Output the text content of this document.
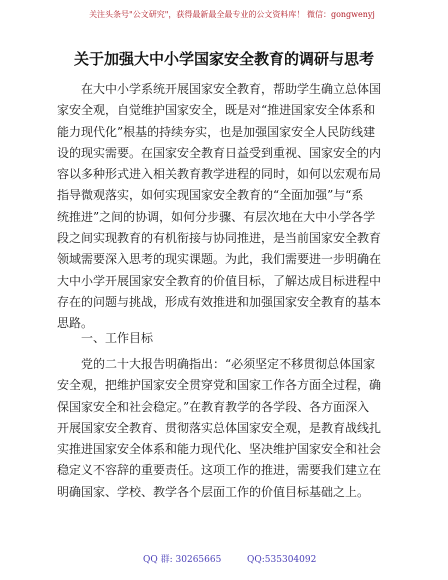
关注头条号"公文研究"，获得最新最全最专业的公文资料库！ 微信：gongwenyj
关于加强大中小学国家安全教育的调研与思考
　　在大中小学系统开展国家安全教育，帮助学生确立总体国
家安全观，自觉维护国家安全，既是对“推进国家安全体系和
能力现代化”根基的持续夯实，也是加强国家安全人民防线建
设的现实需要。在国家安全教育日益受到重视、国家安全的内
容以多种形式进入相关教育教学进程的同时，如何以宏观布局
指导微观落实，如何实现国家安全教育的“全面加强”与“系
统推进”之间的协调，如何分步骤、有层次地在大中小学各学
段之间实现教育的有机衔接与协同推进，是当前国家安全教育
领域需要深入思考的现实课题。为此，我们需要进一步明确在
大中小学开展国家安全教育的价值目标，了解达成目标进程中
存在的问题与挑战，形成有效推进和加强国家安全教育的基本
思路。
　　一、工作目标
　　党的二十大报告明确指出：“必须坚定不移贯彻总体国家
安全观，把维护国家安全贯穿党和国家工作各方面全过程，确
保国家安全和社会稳定。”在教育教学的各学段、各方面深入
开展国家安全教育、贯彻落实总体国家安全观，是教育战线扎
实推进国家安全体系和能力现代化、坚决维护国家安全和社会
稳定义不容辞的重要责任。这项工作的推进，需要我们建立在
明确国家、学校、教学各个层面工作的价值目标基础之上。
QQ 群: 30265665	QQ:535304092
